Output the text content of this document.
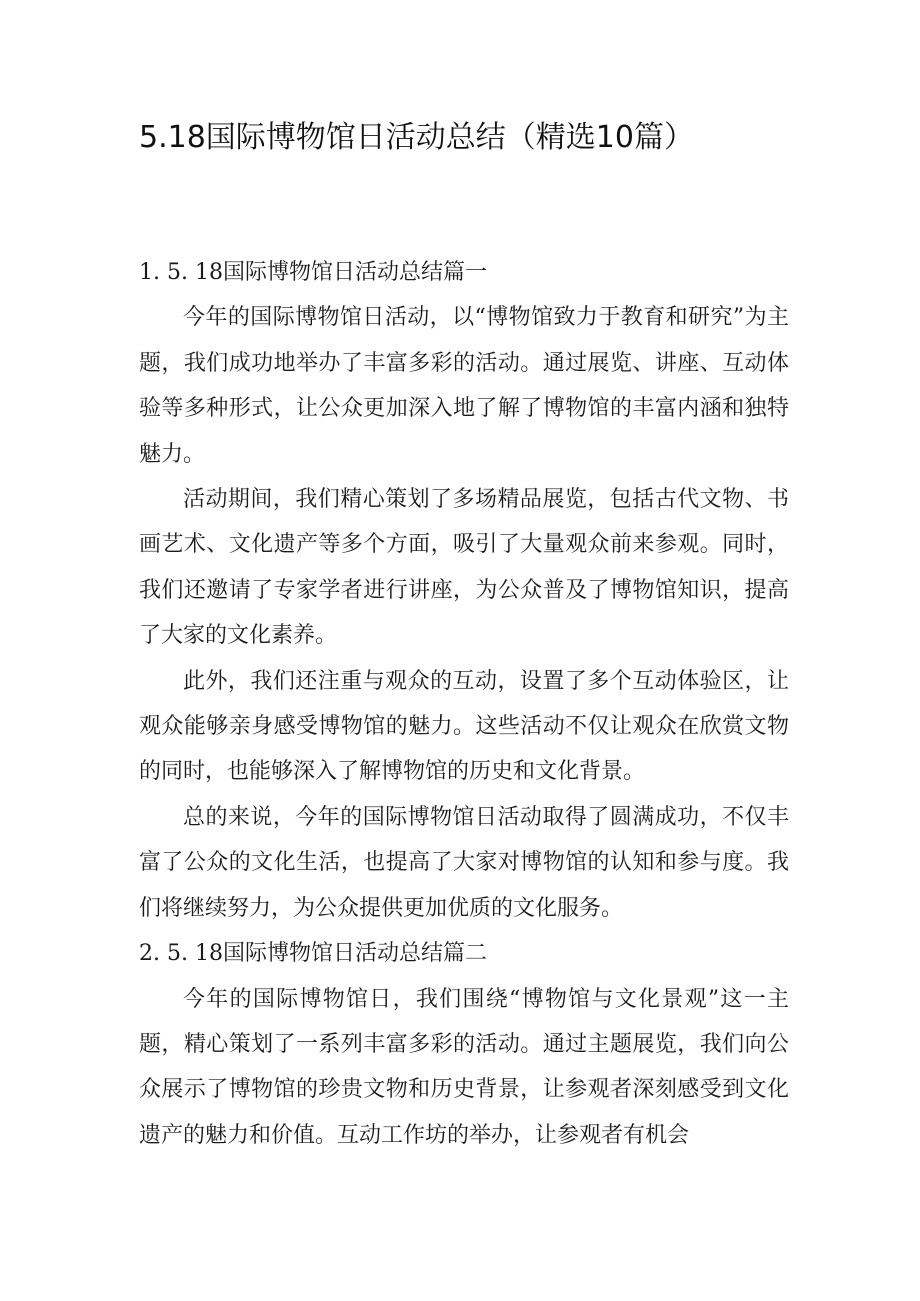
5.18国际博物馆日活动总结（精选10篇）
1. 5. 18国际博物馆日活动总结篇一

今年的国际博物馆日活动，以“博物馆致力于教育和研究”为主题，我们成功地举办了丰富多彩的活动。通过展览、讲座、互动体验等多种形式，让公众更加深入地了解了博物馆的丰富内涵和独特魅力。

活动期间，我们精心策划了多场精品展览，包括古代文物、书画艺术、文化遗产等多个方面，吸引了大量观众前来参观。同时，我们还邀请了专家学者进行讲座，为公众普及了博物馆知识，提高了大家的文化素养。

此外，我们还注重与观众的互动，设置了多个互动体验区，让观众能够亲身感受博物馆的魅力。这些活动不仅让观众在欣赏文物的同时，也能够深入了解博物馆的历史和文化背景。

总的来说，今年的国际博物馆日活动取得了圆满成功，不仅丰富了公众的文化生活，也提高了大家对博物馆的认知和参与度。我们将继续努力，为公众提供更加优质的文化服务。

2. 5. 18国际博物馆日活动总结篇二

今年的国际博物馆日，我们围绕“博物馆与文化景观”这一主题，精心策划了一系列丰富多彩的活动。通过主题展览，我们向公众展示了博物馆的珍贵文物和历史背景，让参观者深刻感受到文化遗产的魅力和价值。互动工作坊的举办，让参观者有机会
